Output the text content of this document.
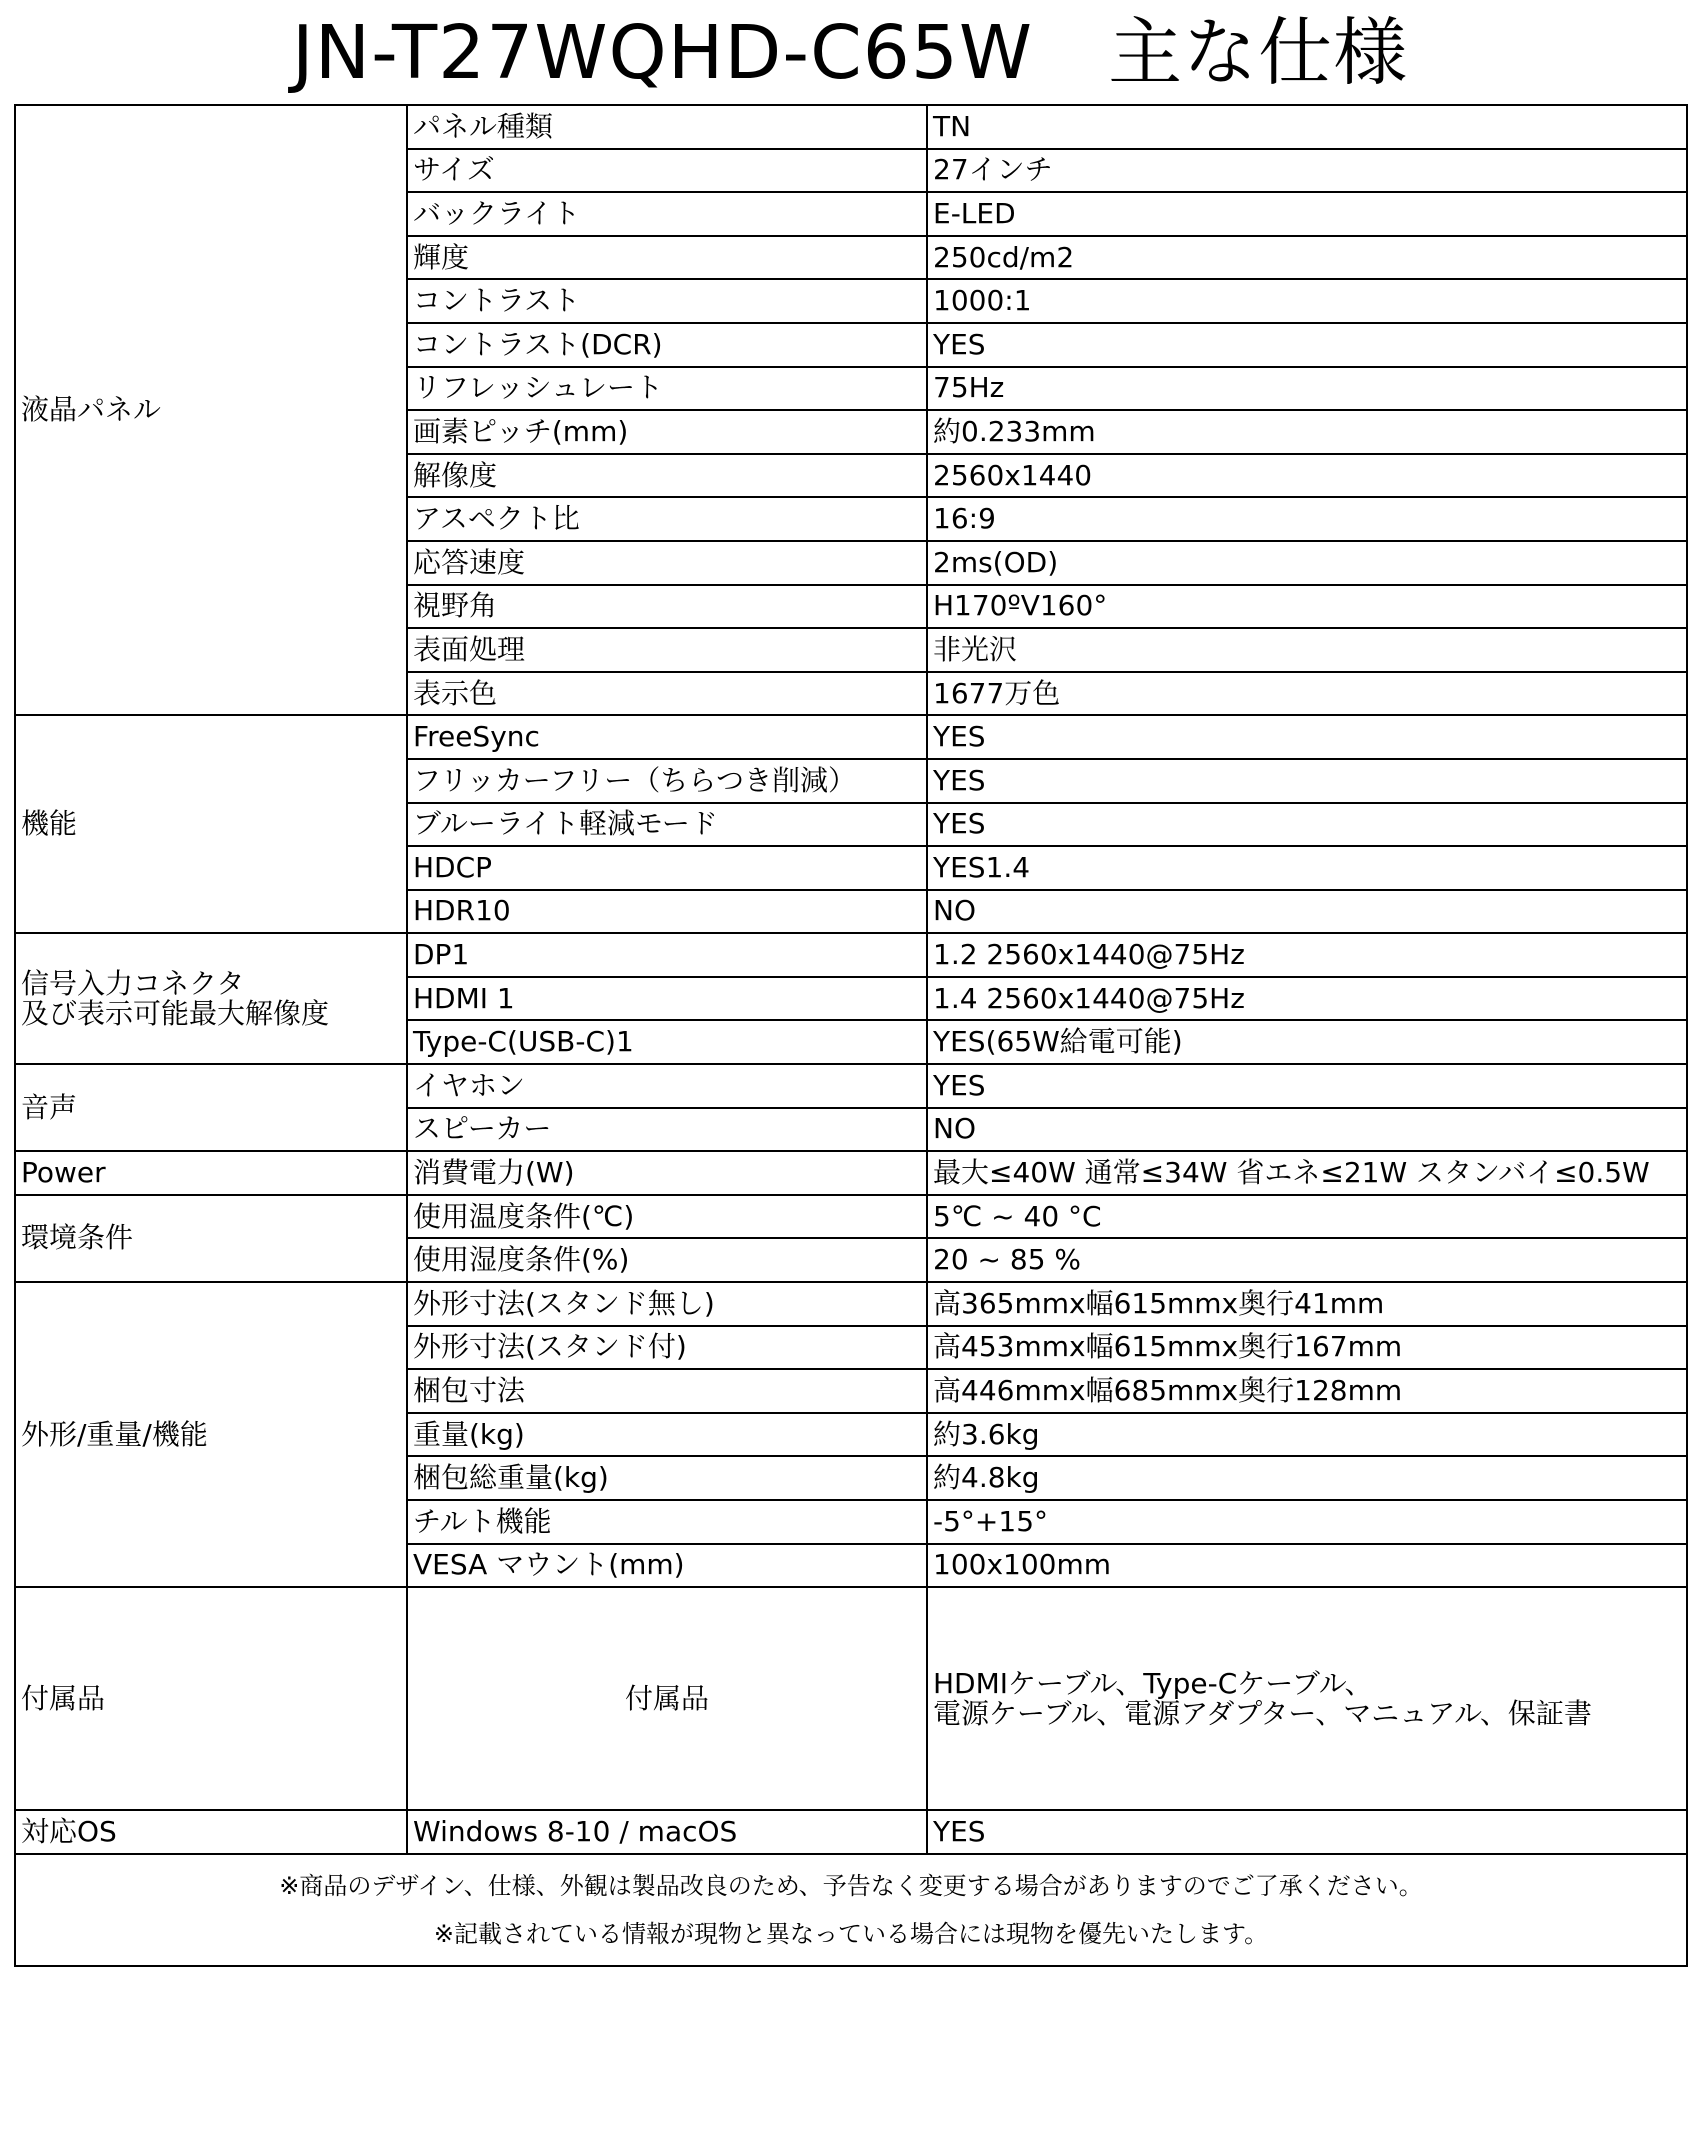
JN-T27WQHD-C65W　主な仕様
液晶パネル	パネル種類	TN
	サイズ	27インチ
	バックライト	E-LED
	輝度	250cd/m2
	コントラスト	1000:1
	コントラスト(DCR)	YES
	リフレッシュレート	75Hz
	画素ピッチ(mm)	約0.233mm
	解像度	2560x1440
	アスペクト比	16:9
	応答速度	2ms(OD)
	視野角	H170ºV160°
	表面処理	非光沢
	表示色	1677万色
機能	FreeSync	YES
	フリッカーフリー（ちらつき削減）	YES
	ブルーライト軽減モード	YES
	HDCP	YES1.4
	HDR10	NO

信号入力コネクタ
及び表示可能最大解像度	DP1	1.2 2560x1440@75Hz
	HDMI 1	1.4 2560x1440@75Hz
	Type-C(USB-C)1	YES(65W給電可能)
音声	イヤホン	YES
	スピーカー	NO
Power	消費電力(W)	最大≤40W 通常≤34W 省エネ≤21W スタンバイ≤0.5W
環境条件	使用温度条件(℃)	5℃ ~ 40 °C
	使用湿度条件(%)	20 ~ 85 %
外形/重量/機能	外形寸法(スタンド無し)	高365mmx幅615mmx奥行41mm
	外形寸法(スタンド付)	高453mmx幅615mmx奥行167mm
	梱包寸法	高446mmx幅685mmx奥行128mm
	重量(kg)	約3.6kg
	梱包総重量(kg)	約4.8kg
	チルト機能	-5°+15°
	VESA マウント(mm)	100x100mm
付属品	付属品	HDMIケーブル、Type-Cケーブル、
電源ケーブル、電源アダプター、マニュアル、保証書

対応OS	Windows 8-10 / macOS	YES

※商品のデザイン、仕様、外観は製品改良のため、予告なく変更する場合がありますのでご了承ください。
※記載されている情報が現物と異なっている場合には現物を優先いたします。		
